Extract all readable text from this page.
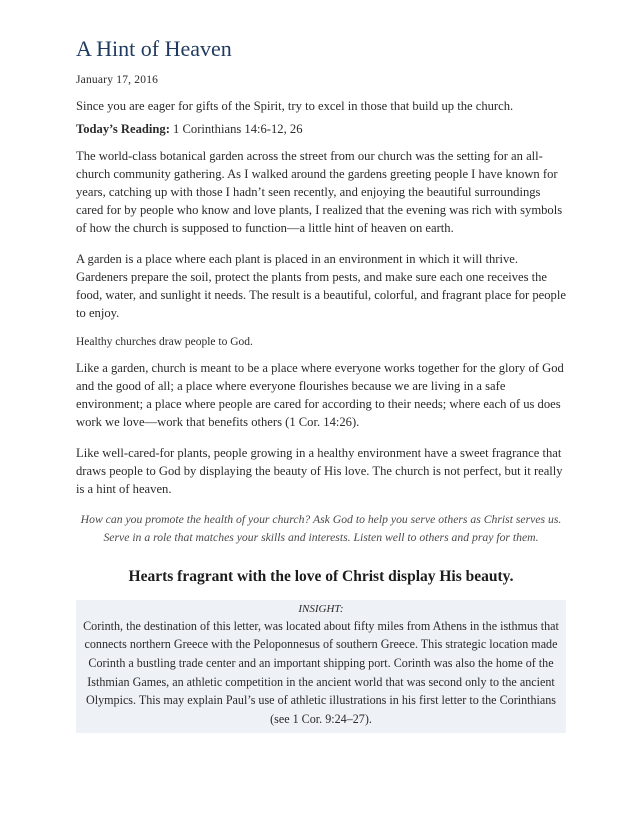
A Hint of Heaven
January 17, 2016
Since you are eager for gifts of the Spirit, try to excel in those that build up the church.
Today’s Reading: 1 Corinthians 14:6-12, 26

The world-class botanical garden across the street from our church was the setting for an all-church community gathering. As I walked around the gardens greeting people I have known for years, catching up with those I hadn’t seen recently, and enjoying the beautiful surroundings cared for by people who know and love plants, I realized that the evening was rich with symbols of how the church is supposed to function—a little hint of heaven on earth.

A garden is a place where each plant is placed in an environment in which it will thrive. Gardeners prepare the soil, protect the plants from pests, and make sure each one receives the food, water, and sunlight it needs. The result is a beautiful, colorful, and fragrant place for people to enjoy.

Healthy churches draw people to God.

Like a garden, church is meant to be a place where everyone works together for the glory of God and the good of all; a place where everyone flourishes because we are living in a safe environment; a place where people are cared for according to their needs; where each of us does work we love—work that benefits others (1 Cor. 14:26).

Like well-cared-for plants, people growing in a healthy environment have a sweet fragrance that draws people to God by displaying the beauty of His love. The church is not perfect, but it really is a hint of heaven.

How can you promote the health of your church? Ask God to help you serve others as Christ serves us. Serve in a role that matches your skills and interests. Listen well to others and pray for them.
Hearts fragrant with the love of Christ display His beauty.
INSIGHT:
Corinth, the destination of this letter, was located about fifty miles from Athens in the isthmus that connects northern Greece with the Peloponnesus of southern Greece. This strategic location made Corinth a bustling trade center and an important shipping port. Corinth was also the home of the Isthmian Games, an athletic competition in the ancient world that was second only to the ancient Olympics. This may explain Paul’s use of athletic illustrations in his first letter to the Corinthians (see 1 Cor. 9:24–27).
